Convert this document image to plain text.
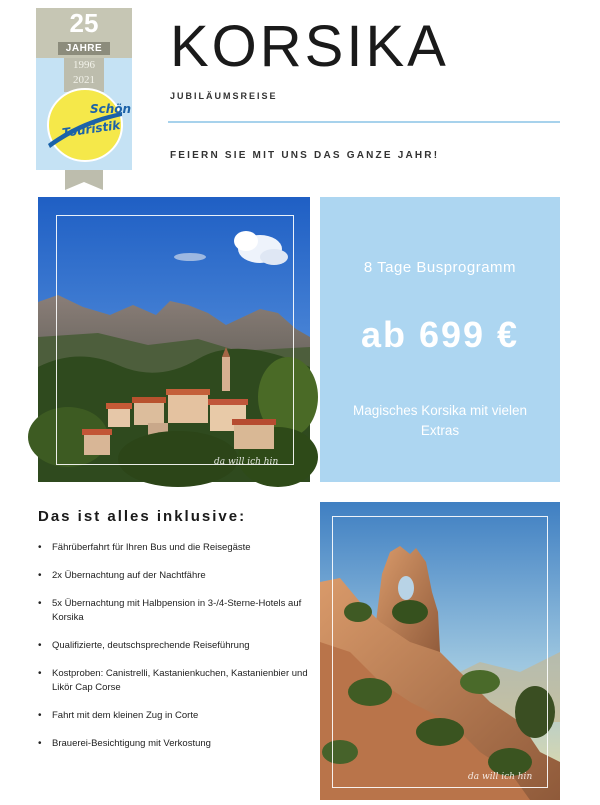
25
JAHRE
1996
2021
Schön
Touristik
KORSIKA
JUBILÄUMSREISE
FEIERN SIE MIT UNS DAS GANZE JAHR!
da will ich hin
8 Tage Busprogramm
ab 699 €
Magisches Korsika mit vielen Extras
Das ist alles inklusive:
• Fährüberfahrt für Ihren Bus und die Reisegäste
• 2x Übernachtung auf der Nachtfähre
• 5x Übernachtung mit Halbpension in 3-/4-Sterne-Hotels auf Korsika
• Qualifizierte, deutschsprechende Reiseführung
• Kostproben: Canistrelli, Kastanienkuchen, Kastanienbier und Likör Cap Corse
• Fahrt mit dem kleinen Zug in Corte
• Brauerei-Besichtigung mit Verkostung
da will ich hin
